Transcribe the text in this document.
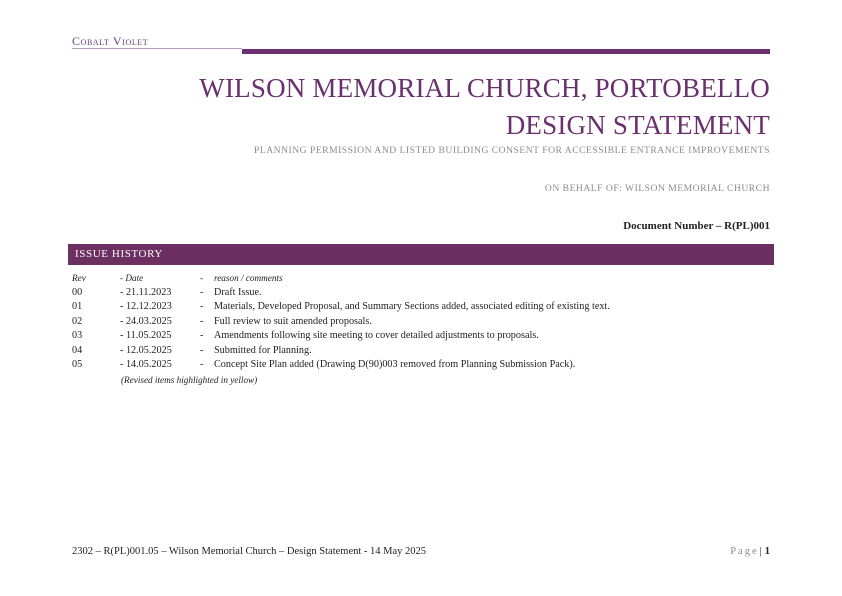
Cobalt Violet
WILSON MEMORIAL CHURCH, PORTOBELLO
DESIGN STATEMENT
PLANNING PERMISSION AND LISTED BUILDING CONSENT FOR ACCESSIBLE ENTRANCE IMPROVEMENTS
ON BEHALF OF: WILSON MEMORIAL CHURCH
Document Number – R(PL)001
ISSUE HISTORY
Rev	- Date	-	reason / comments
00	- 21.11.2023	-	Draft Issue.
01	- 12.12.2023	-	Materials, Developed Proposal, and Summary Sections added, associated editing of existing text.
02	- 24.03.2025	-	Full review to suit amended proposals.
03	- 11.05.2025	-	Amendments following site meeting to cover detailed adjustments to proposals.
04	- 12.05.2025	-	Submitted for Planning.
05	- 14.05.2025	-	Concept Site Plan added (Drawing D(90)003 removed from Planning Submission Pack).
(Revised items highlighted in yellow)
2302 – R(PL)001.05 – Wilson Memorial Church – Design Statement - 14 May 2025	Page| 1
